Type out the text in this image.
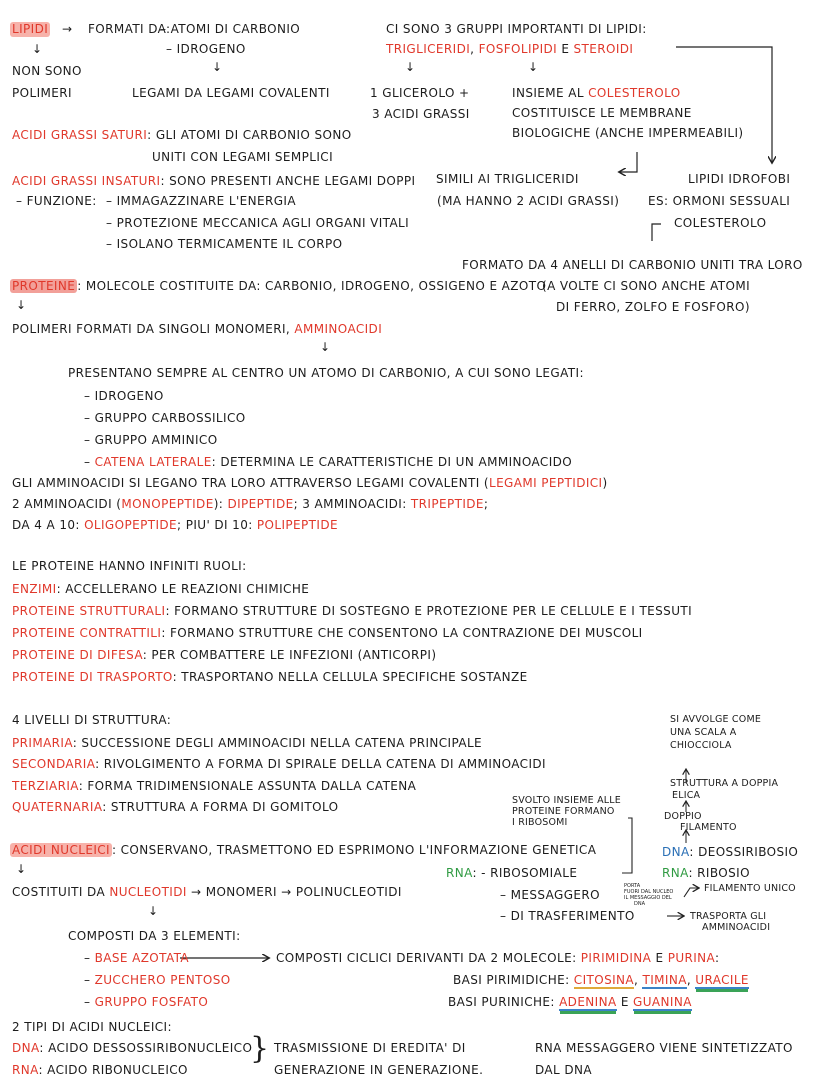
LIPIDI → FORMATI DA:
– ATOMI DI CARBONIO
– IDROGENO
↓
LEGAMI DA LEGAMI COVALENTI
↓
NON SONO
POLIMERI
ACIDI GRASSI SATURI: GLI ATOMI DI CARBONIO SONO
UNITI CON LEGAMI SEMPLICI
ACIDI GRASSI INSATURI: SONO PRESENTI ANCHE LEGAMI DOPPI
– FUNZIONE: – IMMAGAZZINARE L'ENERGIA
– PROTEZIONE MECCANICA AGLI ORGANI VITALI
– ISOLANO TERMICAMENTE IL CORPO
CI SONO 3 GRUPPI IMPORTANTI DI LIPIDI:
TRIGLICERIDI, FOSFOLIPIDI E STEROIDI
↓	↓
1 GLICEROLO +
3 ACIDI GRASSI
INSIEME AL COLESTEROLO
COSTITUISCE LE MEMBRANE
BIOLOGICHE (ANCHE IMPERMEABILI)
SIMILI AI TRIGLICERIDI
(MA HANNO 2 ACIDI GRASSI)
LIPIDI IDROFOBI
ES: ORMONI SESSUALI
COLESTEROLO
FORMATO DA 4 ANELLI DI CARBONIO UNITI TRA LORO
PROTEINE : MOLECOLE COSTITUITE DA: CARBONIO, IDROGENO, OSSIGENO E AZOTO
(A VOLTE CI SONO ANCHE ATOMI
DI FERRO, ZOLFO E FOSFORO)
↓
POLIMERI FORMATI DA SINGOLI MONOMERI, AMMINOACIDI
↓
PRESENTANO SEMPRE AL CENTRO UN ATOMO DI CARBONIO, A CUI SONO LEGATI:
– IDROGENO
– GRUPPO CARBOSSILICO
– GRUPPO AMMINICO
– CATENA LATERALE: DETERMINA LE CARATTERISTICHE DI UN AMMINOACIDO
GLI AMMINOACIDI SI LEGANO TRA LORO ATTRAVERSO LEGAMI COVALENTI (LEGAMI PEPTIDICI)
2 AMMINOACIDI (MONOPEPTIDE): DIPEPTIDE; 3 AMMINOACIDI: TRIPEPTIDE;
DA 4 A 10: OLIGOPEPTIDE; PIU' DI 10: POLIPEPTIDE
LE PROTEINE HANNO INFINITI RUOLI:
ENZIMI: ACCELLERANO LE REAZIONI CHIMICHE
PROTEINE STRUTTURALI: FORMANO STRUTTURE DI SOSTEGNO E PROTEZIONE PER LE CELLULE E I TESSUTI
PROTEINE CONTRATTILI: FORMANO STRUTTURE CHE CONSENTONO LA CONTRAZIONE DEI MUSCOLI
PROTEINE DI DIFESA: PER COMBATTERE LE INFEZIONI (ANTICORPI)
PROTEINE DI TRASPORTO: TRASPORTANO NELLA CELLULA SPECIFICHE SOSTANZE
4 LIVELLI DI STRUTTURA:
PRIMARIA: SUCCESSIONE DEGLI AMMINOACIDI NELLA CATENA PRINCIPALE
SECONDARIA: RIVOLGIMENTO A FORMA DI SPIRALE DELLA CATENA DI AMMINOACIDI
TERZIARIA: FORMA TRIDIMENSIONALE ASSUNTA DALLA CATENA
QUATERNARIA: STRUTTURA A FORMA DI GOMITOLO
ACIDI NUCLEICI : CONSERVANO, TRASMETTONO ED ESPRIMONO L'INFORMAZIONE GENETICA
↓
COSTITUITI DA NUCLEOTIDI → MONOMERI → POLINUCLEOTIDI
↓
COMPOSTI DA 3 ELEMENTI:
– BASE AZOTATA
– ZUCCHERO PENTOSO
– GRUPPO FOSFATO
COMPOSTI CICLICI DERIVANTI DA 2 MOLECOLE: PIRIMIDINA E PURINA:
BASI PIRIMIDICHE: CITOSINA, TIMINA, URACILE
BASI PURINICHE: ADENINA E GUANINA
SI AVVOLGE COME
UNA SCALA A
CHIOCCIOLA
STRUTTURA A DOPPIA
ELICA
DOPPIO
FILAMENTO
DNA: DEOSSIRIBOSIO
SVOLTO INSIEME ALLE
PROTEINE FORMANO
I RIBOSOMI
RNA: - RIBOSOMIALE	RNA: RIBOSIO
– MESSAGGERO
PORTA
FUORI DAL NUCLEO
IL MESSAGGIO DEL
DNA
FILAMENTO UNICO
– DI TRASFERIMENTO	TRASPORTA GLI
AMMINOACIDI
2 TIPI DI ACIDI NUCLEICI:
DNA: ACIDO DESSOSSIRIBONUCLEICO
RNA: ACIDO RIBONUCLEICO
} TRASMISSIONE DI EREDITA' DI
GENERAZIONE IN GENERAZIONE.
RNA MESSAGGERO VIENE SINTETIZZATO
DAL DNA
